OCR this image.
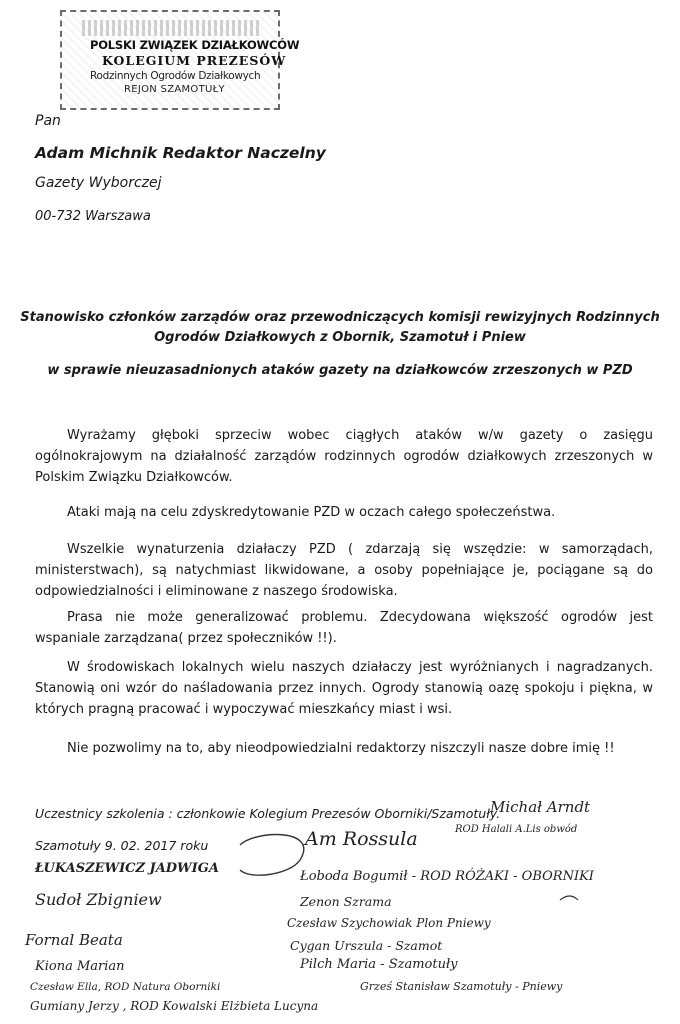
POLSKI ZWIĄZEK DZIAŁKOWCÓW
KOLEGIUM PREZESÓW
Rodzinnych Ogrodów Działkowych
REJON SZAMOTUŁY
Pan
Adam Michnik Redaktor Naczelny
Gazety Wyborczej
00-732 Warszawa
Stanowisko członków zarządów oraz przewodniczących komisji rewizyjnych Rodzinnych
Ogrodów Działkowych z Obornik, Szamotuł i Pniew
w sprawie nieuzasadnionych ataków gazety na działkowców zrzeszonych w PZD
Wyrażamy głęboki sprzeciw wobec ciągłych ataków w/w gazety o zasięgu ogólnokrajowym na działalność zarządów rodzinnych ogrodów działkowych zrzeszonych w Polskim Związku Działkowców.
Ataki mają na celu zdyskredytowanie PZD w oczach całego społeczeństwa.
Wszelkie wynaturzenia działaczy PZD ( zdarzają się wszędzie: w samorządach, ministerstwach), są natychmiast likwidowane, a osoby popełniające je, pociągane są do odpowiedzialności i eliminowane z naszego środowiska.
Prasa nie może generalizować problemu. Zdecydowana większość ogrodów jest wspaniale zarządzana( przez społeczników !!).
W środowiskach lokalnych wielu naszych działaczy jest wyróżnianych i nagradzanych. Stanowią oni wzór do naśladowania przez innych. Ogrody stanowią oazę spokoju i piękna, w których pragną pracować i wypoczywać mieszkańcy miast i wsi.
Nie pozwolimy na to, aby nieodpowiedzialni redaktorzy niszczyli nasze dobre imię !!
Uczestnicy szkolenia : członkowie Kolegium Prezesów Oborniki/Szamotuły.
Szamotuły 9. 02. 2017 roku
Michał Arndt
ROD Halali A.Lis obwód
ŁUKASZEWICZ JADWIGA
Sudoł Zbigniew
Am Rossula
Łoboda Bogumił - ROD RÓŻAKI - OBORNIKI
Zenon Szrama
Czesław Szychowiak Plon Pniewy
Cygan Urszula - Szamot
Fornal Beata
Kiona Marian	Pilch Maria - Szamotuły
Czesław Ella, ROD Natura Oborniki	Grześ Stanisław Szamotuły - Pniewy
Gumiany Jerzy , ROD Kowalski Elżbieta Lucyna
